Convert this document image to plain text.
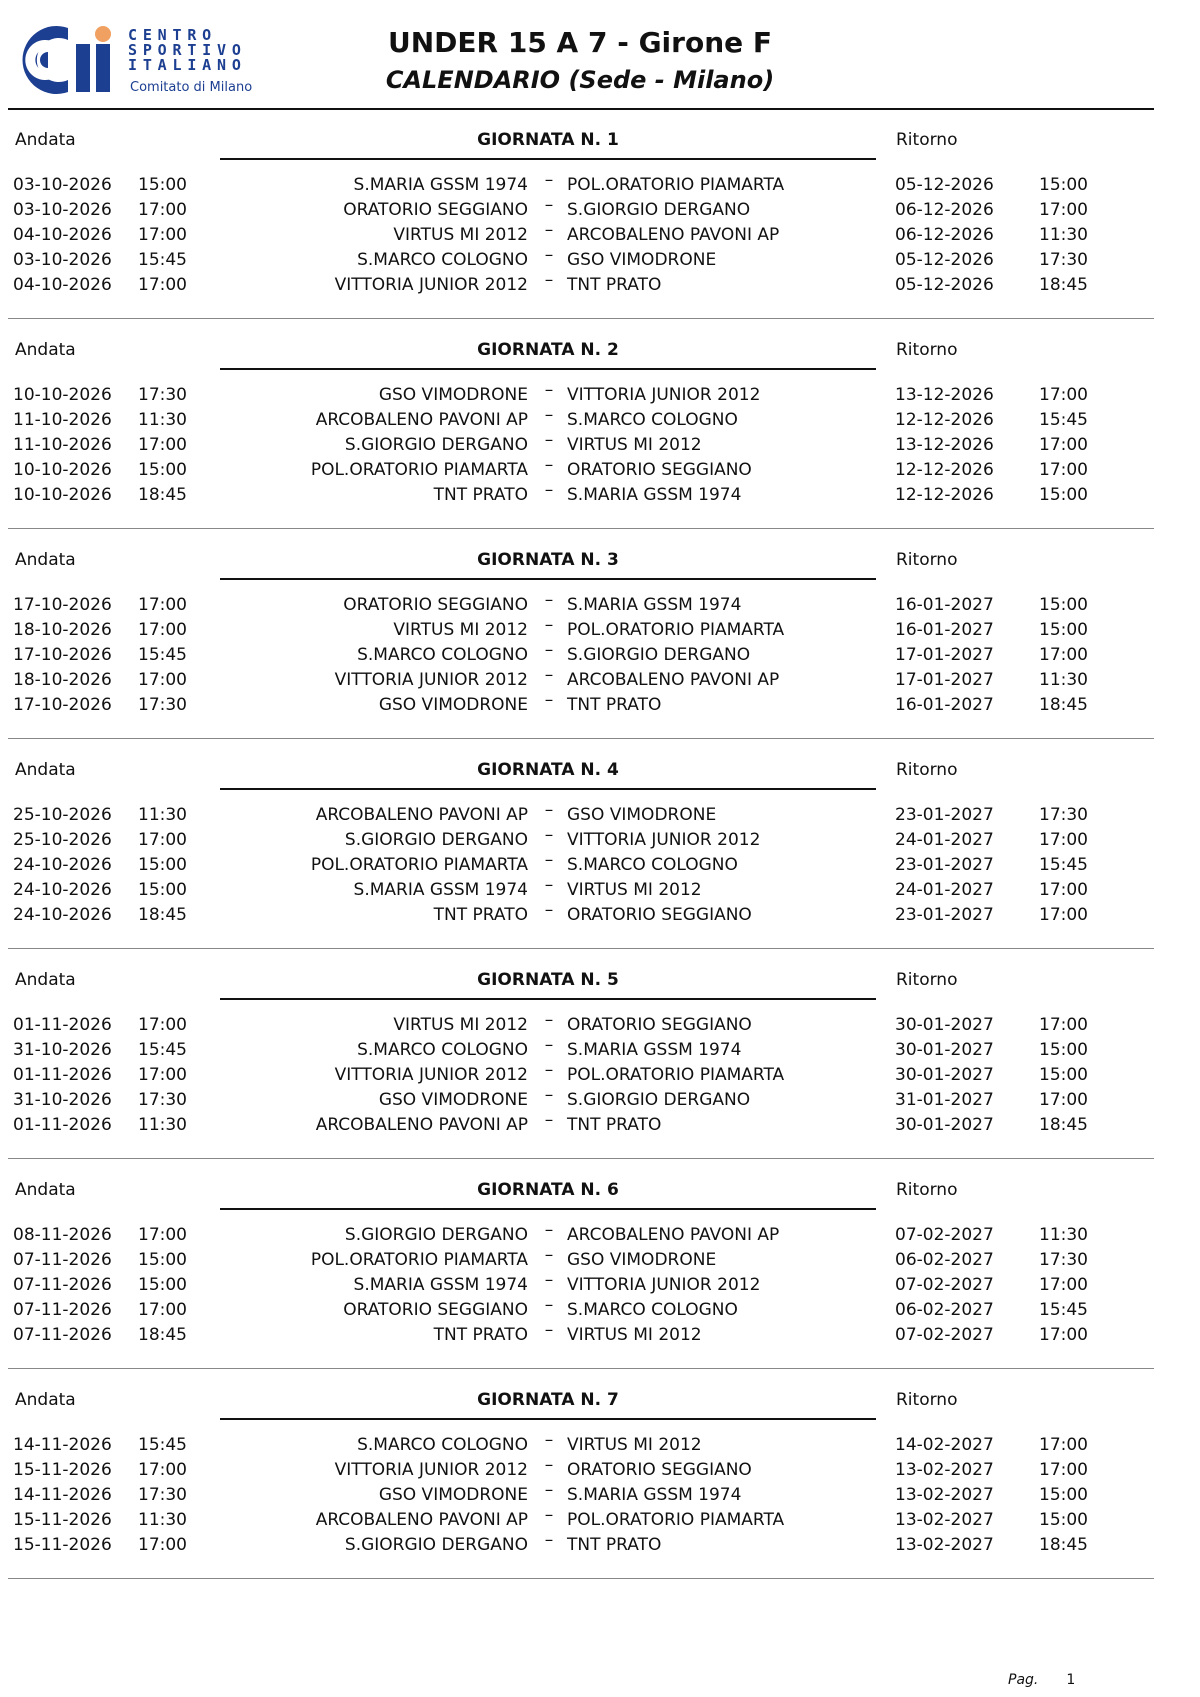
CENTRO
SPORTIVO
ITALIANO
Comitato di Milano
UNDER 15 A 7 - Girone F
CALENDARIO (Sede - Milano)
Andata	GIORNATA N. 1	Ritorno
03-10-2026 15:00	S.MARIA GSSM 1974 – POL.ORATORIO PIAMARTA	05-12-2026	15:00
03-10-2026 17:00	ORATORIO SEGGIANO – S.GIORGIO DERGANO	06-12-2026	17:00
04-10-2026 17:00	VIRTUS MI 2012 – ARCOBALENO PAVONI AP	06-12-2026	11:30
03-10-2026 15:45	S.MARCO COLOGNO – GSO VIMODRONE	05-12-2026	17:30
04-10-2026 17:00	VITTORIA JUNIOR 2012 – TNT PRATO	05-12-2026	18:45
Andata	GIORNATA N. 2	Ritorno
10-10-2026 17:30	GSO VIMODRONE – VITTORIA JUNIOR 2012	13-12-2026	17:00
11-10-2026 11:30	ARCOBALENO PAVONI AP – S.MARCO COLOGNO	12-12-2026	15:45
11-10-2026 17:00	S.GIORGIO DERGANO – VIRTUS MI 2012	13-12-2026	17:00
10-10-2026 15:00	POL.ORATORIO PIAMARTA – ORATORIO SEGGIANO	12-12-2026	17:00
10-10-2026 18:45	TNT PRATO – S.MARIA GSSM 1974	12-12-2026	15:00
Andata	GIORNATA N. 3	Ritorno
17-10-2026 17:00	ORATORIO SEGGIANO – S.MARIA GSSM 1974	16-01-2027	15:00
18-10-2026 17:00	VIRTUS MI 2012 – POL.ORATORIO PIAMARTA	16-01-2027	15:00
17-10-2026 15:45	S.MARCO COLOGNO – S.GIORGIO DERGANO	17-01-2027	17:00
18-10-2026 17:00	VITTORIA JUNIOR 2012 – ARCOBALENO PAVONI AP	17-01-2027	11:30
17-10-2026 17:30	GSO VIMODRONE – TNT PRATO	16-01-2027	18:45
Andata	GIORNATA N. 4	Ritorno
25-10-2026 11:30	ARCOBALENO PAVONI AP – GSO VIMODRONE	23-01-2027	17:30
25-10-2026 17:00	S.GIORGIO DERGANO – VITTORIA JUNIOR 2012	24-01-2027	17:00
24-10-2026 15:00	POL.ORATORIO PIAMARTA – S.MARCO COLOGNO	23-01-2027	15:45
24-10-2026 15:00	S.MARIA GSSM 1974 – VIRTUS MI 2012	24-01-2027	17:00
24-10-2026 18:45	TNT PRATO – ORATORIO SEGGIANO	23-01-2027	17:00
Andata	GIORNATA N. 5	Ritorno
01-11-2026 17:00	VIRTUS MI 2012 – ORATORIO SEGGIANO	30-01-2027	17:00
31-10-2026 15:45	S.MARCO COLOGNO – S.MARIA GSSM 1974	30-01-2027	15:00
01-11-2026 17:00	VITTORIA JUNIOR 2012 – POL.ORATORIO PIAMARTA	30-01-2027	15:00
31-10-2026 17:30	GSO VIMODRONE – S.GIORGIO DERGANO	31-01-2027	17:00
01-11-2026 11:30	ARCOBALENO PAVONI AP – TNT PRATO	30-01-2027	18:45
Andata	GIORNATA N. 6	Ritorno
08-11-2026 17:00	S.GIORGIO DERGANO – ARCOBALENO PAVONI AP	07-02-2027	11:30
07-11-2026 15:00	POL.ORATORIO PIAMARTA – GSO VIMODRONE	06-02-2027	17:30
07-11-2026 15:00	S.MARIA GSSM 1974 – VITTORIA JUNIOR 2012	07-02-2027	17:00
07-11-2026 17:00	ORATORIO SEGGIANO – S.MARCO COLOGNO	06-02-2027	15:45
07-11-2026 18:45	TNT PRATO – VIRTUS MI 2012	07-02-2027	17:00
Andata	GIORNATA N. 7	Ritorno
14-11-2026 15:45	S.MARCO COLOGNO – VIRTUS MI 2012	14-02-2027	17:00
15-11-2026 17:00	VITTORIA JUNIOR 2012 – ORATORIO SEGGIANO	13-02-2027	17:00
14-11-2026 17:30	GSO VIMODRONE – S.MARIA GSSM 1974	13-02-2027	15:00
15-11-2026 11:30	ARCOBALENO PAVONI AP – POL.ORATORIO PIAMARTA	13-02-2027	15:00
15-11-2026 17:00	S.GIORGIO DERGANO – TNT PRATO	13-02-2027	18:45
Pag. 1
